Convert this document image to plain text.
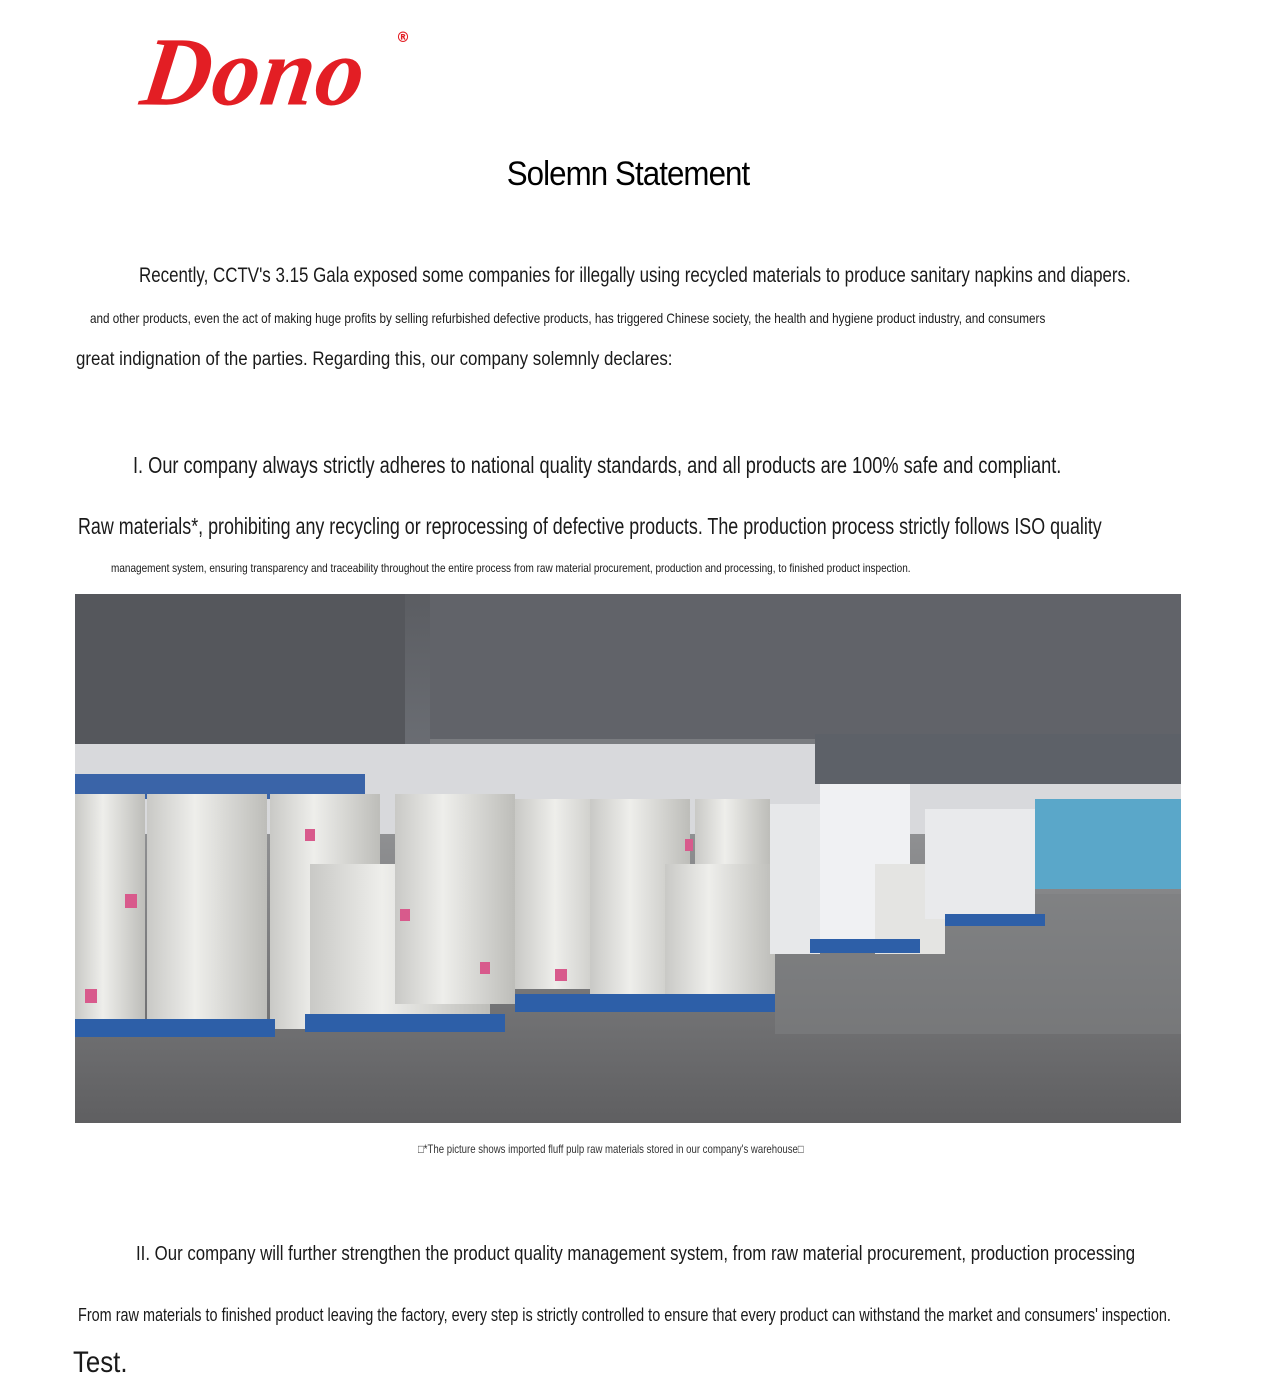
Dono ®
Solemn Statement
Recently, CCTV's 3.15 Gala exposed some companies for illegally using recycled materials to produce sanitary napkins and diapers.
and other products, even the act of making huge profits by selling refurbished defective products, has triggered Chinese society, the health and hygiene product industry, and consumers
great indignation of the parties. Regarding this, our company solemnly declares:
I. Our company always strictly adheres to national quality standards, and all products are 100% safe and compliant.
Raw materials*, prohibiting any recycling or reprocessing of defective products. The production process strictly follows ISO quality
management system, ensuring transparency and traceability throughout the entire process from raw material procurement, production and processing, to finished product inspection.
□*The picture shows imported fluff pulp raw materials stored in our company's warehouse□
II. Our company will further strengthen the product quality management system, from raw material procurement, production processing
From raw materials to finished product leaving the factory, every step is strictly controlled to ensure that every product can withstand the market and consumers' inspection.
Test.
